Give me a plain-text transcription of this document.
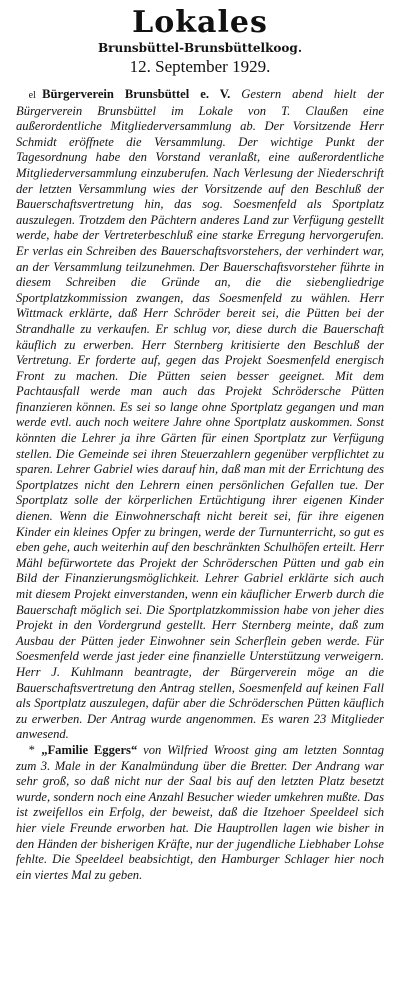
Lokales

Brunsbüttel-Brunsbüttelkoog.

12. September 1929.

 el  Bürgerverein Brunsbüttel e. V. Gestern abend hielt der Bürgerverein Brunsbüttel im Lokale von T. Claußen eine außerordentliche Mitgliederversammlung ab. Der Vorsitzende Herr Schmidt eröffnete die Versammlung. Der wichtige Punkt der Tagesordnung habe den Vorstand veranlaßt, eine außerordentliche Mitgliederversammlung einzuberufen. Nach Verlesung der Niederschrift der letzten Versammlung wies der Vorsitzende auf den Beschluß der Bauerschaftsvertretung hin, das sog. Soesmenfeld als Sportplatz auszulegen. Trotzdem den Pächtern anderes Land zur Verfügung gestellt werde, habe der Vertreterbeschluß eine starke Erregung hervorgerufen. Er verlas ein Schreiben des Bauerschaftsvorstehers, der verhindert war, an der Versammlung teilzunehmen. Der Bauerschaftsvorsteher führte in diesem Schreiben die Gründe an, die die siebengliedrige Sportplatzkommission zwangen, das Soesmenfeld zu wählen. Herr Wittmack erklärte, daß Herr Schröder bereit sei, die Pütten bei der Strandhalle zu verkaufen. Er schlug vor, diese durch die Bauerschaft käuflich zu erwerben. Herr Sternberg kritisierte den Beschluß der Vertretung. Er forderte auf, gegen das Projekt Soesmenfeld energisch Front zu machen. Die Pütten seien besser geeignet. Mit dem Pachtausfall werde man auch das Projekt Schrödersche Pütten finanzieren können. Es sei so lange ohne Sportplatz gegangen und man werde evtl. auch noch weitere Jahre ohne Sportplatz auskommen. Sonst könnten die Lehrer ja ihre Gärten für einen Sportplatz zur Verfügung stellen. Die Gemeinde sei ihren Steuerzahlern gegenüber verpflichtet zu sparen. Lehrer Gabriel wies darauf hin, daß man mit der Errichtung des Sportplatzes nicht den Lehrern einen persönlichen Gefallen tue. Der Sportplatz solle der körperlichen Ertüchtigung ihrer eigenen Kinder dienen. Wenn die Einwohnerschaft nicht bereit sei, für ihre eigenen Kinder ein kleines Opfer zu bringen, werde der Turnunterricht, so gut es eben gehe, auch weiterhin auf den beschränkten Schulhöfen erteilt. Herr Mähl befürwortete das Projekt der Schröderschen Pütten und gab ein Bild der Finanzierungsmöglichkeit. Lehrer Gabriel erklärte sich auch mit diesem Projekt einverstanden, wenn ein käuflicher Erwerb durch die Bauerschaft möglich sei. Die Sportplatzkommission habe von jeher dies Projekt in den Vordergrund gestellt. Herr Sternberg meinte, daß zum Ausbau der Pütten jeder Einwohner sein Scherflein geben werde. Für Soesmenfeld werde jast jeder eine finanzielle Unterstützung verweigern. Herr J. Kuhlmann beantragte, der Bürgerverein möge an die Bauerschaftsvertretung den Antrag stellen, Soesmenfeld auf keinen Fall als Sportplatz auszulegen, dafür aber die Schröderschen Pütten käuflich zu erwerben. Der Antrag wurde angenommen. Es waren 23 Mitglieder anwesend.

 *  „Familie Eggers“ von Wilfried Wroost ging am letzten Sonntag zum 3. Male in der Kanalmündung über die Bretter. Der Andrang war sehr groß, so daß nicht nur der Saal bis auf den letzten Platz besetzt wurde, sondern noch eine Anzahl Besucher wieder umkehren mußte. Das ist zweifellos ein Erfolg, der beweist, daß die Itzehoer Speeldeel sich hier viele Freunde erworben hat. Die Hauptrollen lagen wie bisher in den Händen der bisherigen Kräfte, nur der jugendliche Liebhaber Lohse fehlte. Die Speeldeel beabsichtigt, den Hamburger Schlager hier noch ein viertes Mal zu geben.
